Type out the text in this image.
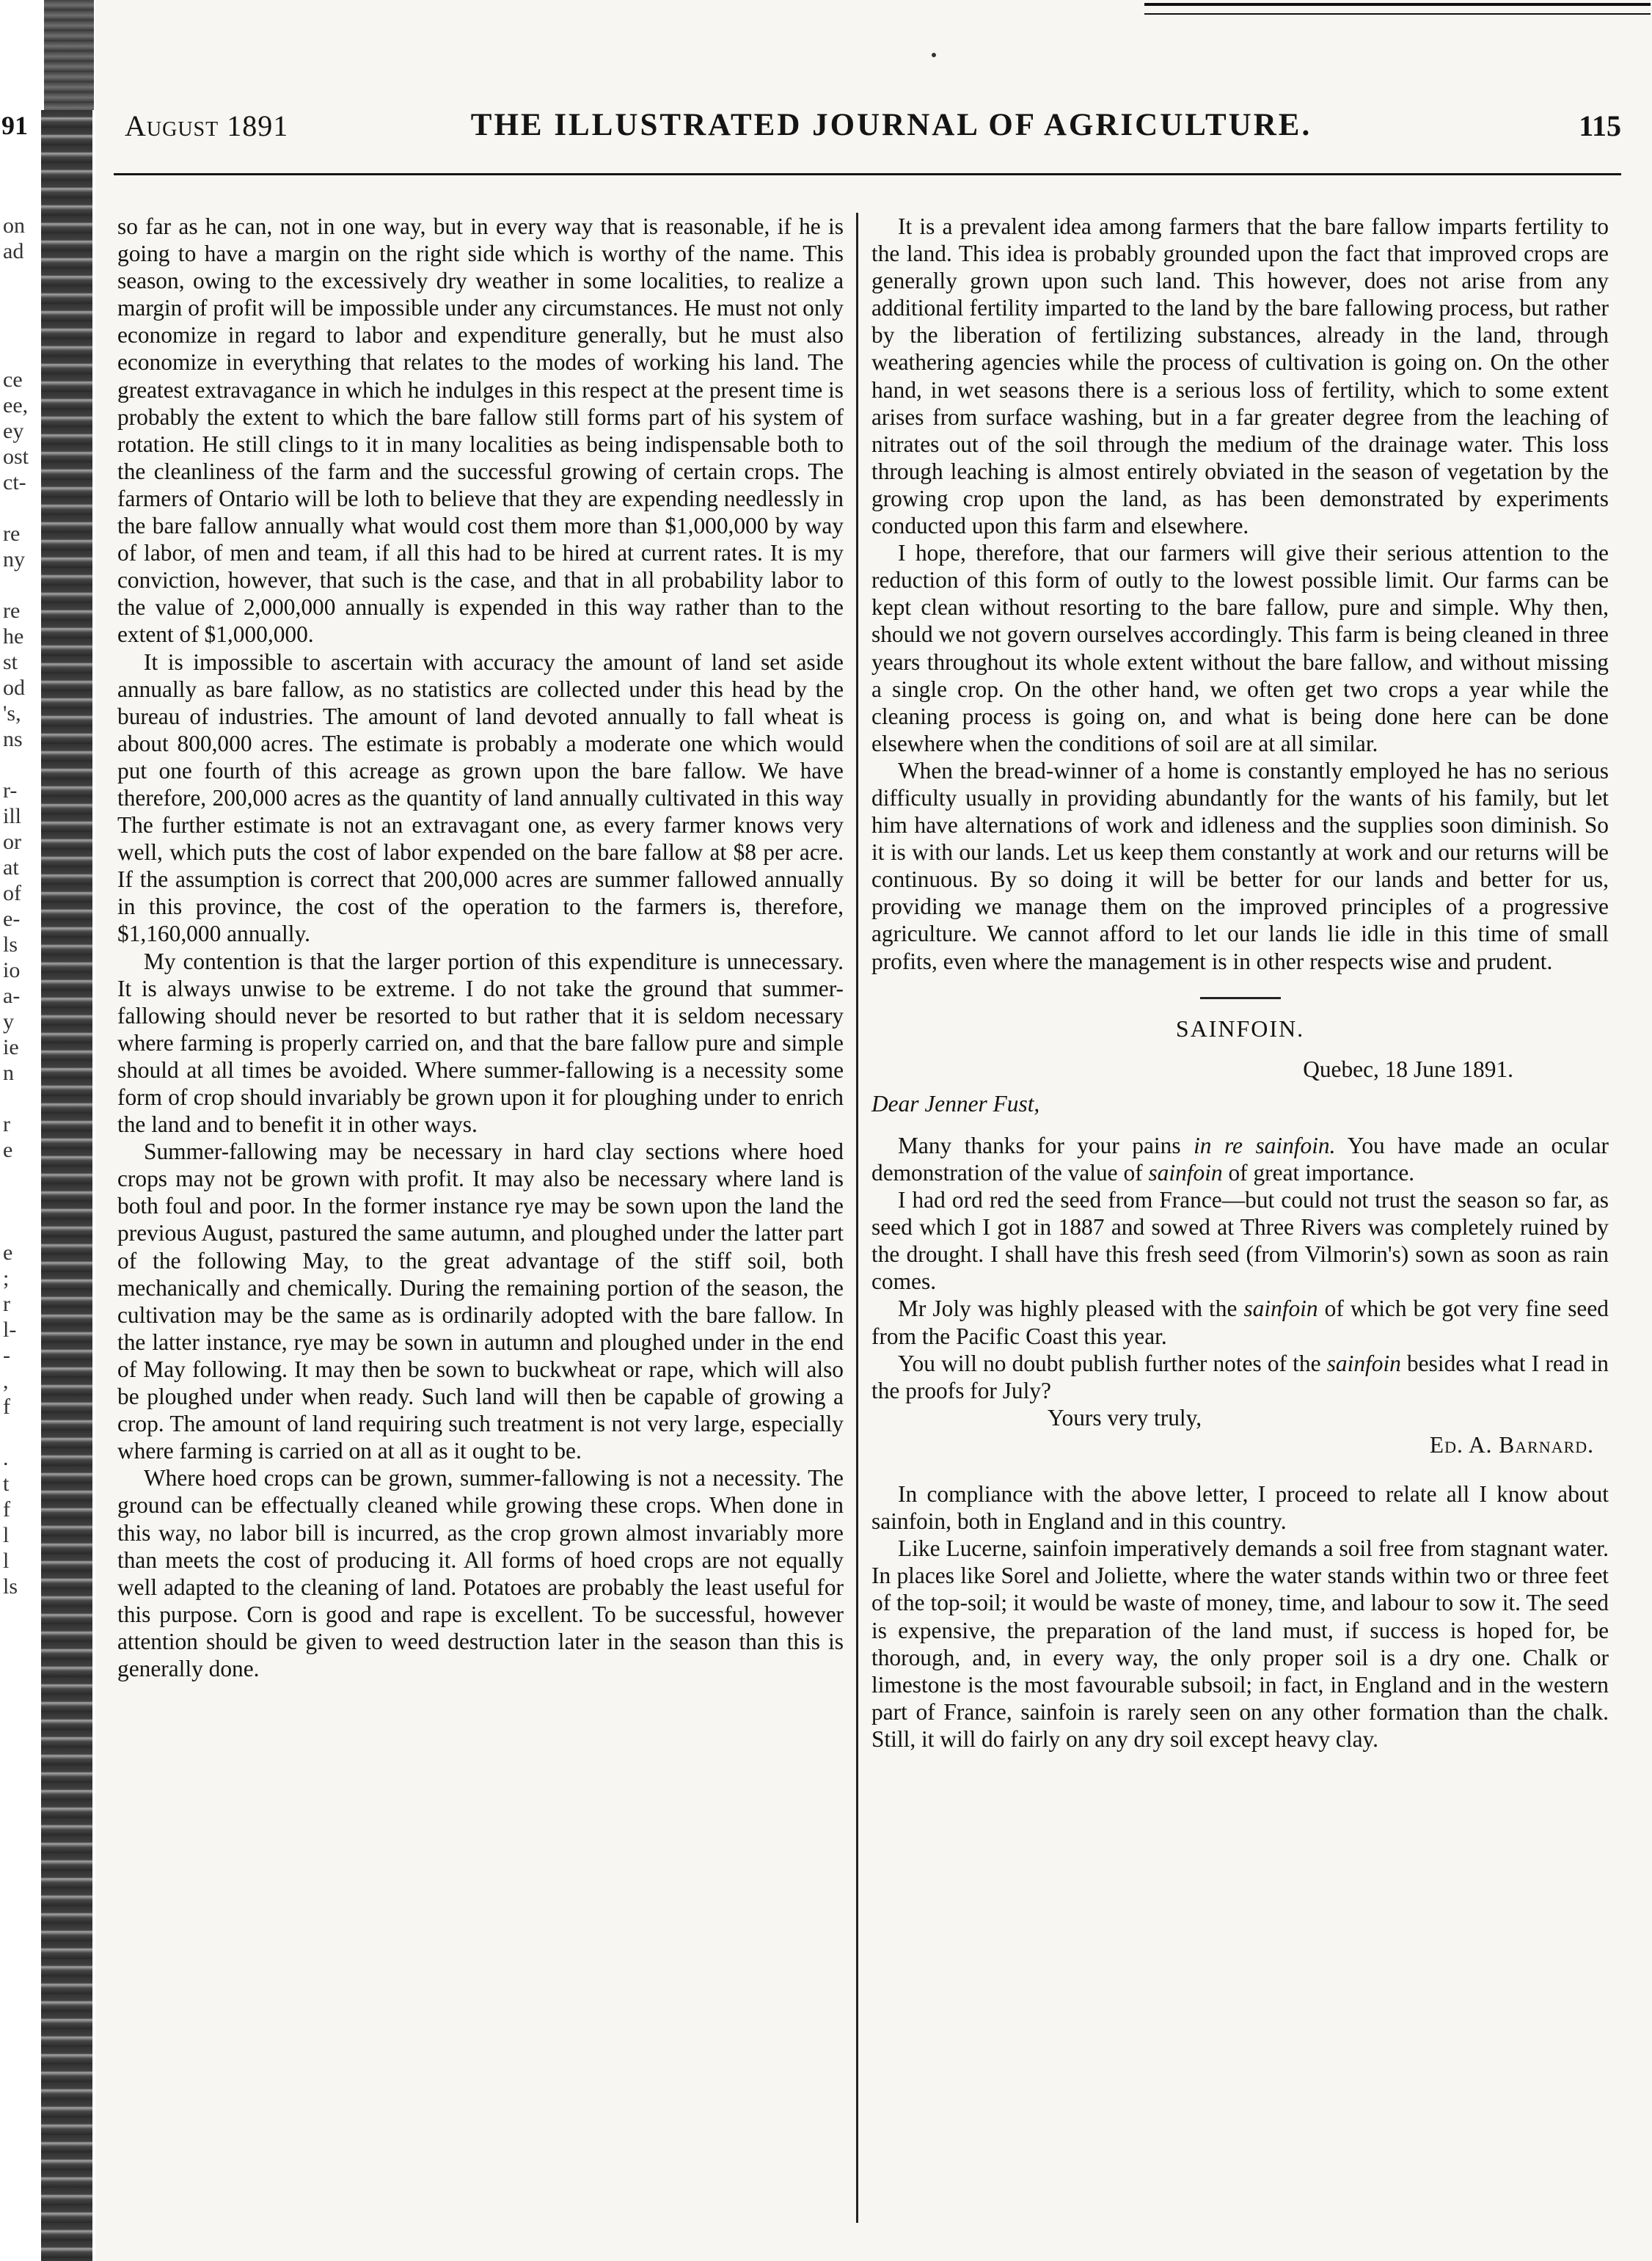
91
on
ad
ce
ee,
ey
ost
ct-
re
ny
re
he
st
od
's,
ns
r-
ill
or
at
of
e-
ls
io
a-
y
ie
n
r
e
e
;
r
l-
-
,
f
.
t
f
l
l
ls
August 1891	THE ILLUSTRATED JOURNAL OF AGRICULTURE.	115

so far as he can, not in one way, but in every way that is reasonable, if he is going to have a margin on the right side which is worthy of the name. This season, owing to the excessively dry weather in some localities, to realize a margin of profit will be impossible under any circumstances. He must not only economize in regard to labor and expenditure generally, but he must also economize in everything that relates to the modes of working his land. The greatest extravagance in which he indulges in this respect at the present time is probably the extent to which the bare fallow still forms part of his system of rotation. He still clings to it in many localities as being indispensable both to the cleanliness of the farm and the successful growing of certain crops. The farmers of Ontario will be loth to believe that they are expending needlessly in the bare fallow annually what would cost them more than $1,000,000 by way of labor, of men and team, if all this had to be hired at current rates. It is my conviction, however, that such is the case, and that in all probability labor to the value of 2,000,000 annually is expended in this way rather than to the extent of $1,000,000.

It is impossible to ascertain with accuracy the amount of land set aside annually as bare fallow, as no statistics are collected under this head by the bureau of industries. The amount of land devoted annually to fall wheat is about 800,000 acres. The estimate is probably a moderate one which would put one fourth of this acreage as grown upon the bare fallow. We have therefore, 200,000 acres as the quantity of land annually cultivated in this way The further estimate is not an extravagant one, as every farmer knows very well, which puts the cost of labor expended on the bare fallow at $8 per acre. If the assumption is correct that 200,000 acres are summer fallowed annually in this province, the cost of the operation to the farmers is, therefore, $1,160,000 annually.

My contention is that the larger portion of this expenditure is unnecessary. It is always unwise to be extreme. I do not take the ground that summer-fallowing should never be resorted to but rather that it is seldom necessary where farming is properly carried on, and that the bare fallow pure and simple should at all times be avoided. Where summer-fallowing is a necessity some form of crop should invariably be grown upon it for ploughing under to enrich the land and to benefit it in other ways.

Summer-fallowing may be necessary in hard clay sections where hoed crops may not be grown with profit. It may also be necessary where land is both foul and poor. In the former instance rye may be sown upon the land the previous August, pastured the same autumn, and ploughed under the latter part of the following May, to the great advantage of the stiff soil, both mechanically and chemically. During the remaining portion of the season, the cultivation may be the same as is ordinarily adopted with the bare fallow. In the latter instance, rye may be sown in autumn and ploughed under in the end of May following. It may then be sown to buckwheat or rape, which will also be ploughed under when ready. Such land will then be capable of growing a crop. The amount of land requiring such treatment is not very large, especially where farming is carried on at all as it ought to be.

Where hoed crops can be grown, summer-fallowing is not a necessity. The ground can be effectually cleaned while growing these crops. When done in this way, no labor bill is incurred, as the crop grown almost invariably more than meets the cost of producing it. All forms of hoed crops are not equally well adapted to the cleaning of land. Potatoes are probably the least useful for this purpose. Corn is good and rape is excellent. To be successful, however attention should be given to weed destruction later in the season than this is generally done.

It is a prevalent idea among farmers that the bare fallow imparts fertility to the land. This idea is probably grounded upon the fact that improved crops are generally grown upon such land. This however, does not arise from any additional fertility imparted to the land by the bare fallowing process, but rather by the liberation of fertilizing substances, already in the land, through weathering agencies while the process of cultivation is going on. On the other hand, in wet seasons there is a serious loss of fertility, which to some extent arises from surface washing, but in a far greater degree from the leaching of nitrates out of the soil through the medium of the drainage water. This loss through leaching is almost entirely obviated in the season of vegetation by the growing crop upon the land, as has been demonstrated by experiments conducted upon this farm and elsewhere.

I hope, therefore, that our farmers will give their serious attention to the reduction of this form of outly to the lowest possible limit. Our farms can be kept clean without resorting to the bare fallow, pure and simple. Why then, should we not govern ourselves accordingly. This farm is being cleaned in three years throughout its whole extent without the bare fallow, and without missing a single crop. On the other hand, we often get two crops a year while the cleaning process is going on, and what is being done here can be done elsewhere when the conditions of soil are at all similar.

When the bread-winner of a home is constantly employed he has no serious difficulty usually in providing abundantly for the wants of his family, but let him have alternations of work and idleness and the supplies soon diminish. So it is with our lands. Let us keep them constantly at work and our returns will be continuous. By so doing it will be better for our lands and better for us, providing we manage them on the improved principles of a progressive agriculture. We cannot afford to let our lands lie idle in this time of small profits, even where the management is in other respects wise and prudent.

SAINFOIN.
Quebec, 18 June 1891.
Dear Jenner Fust,

Many thanks for your pains in re sainfoin. You have made an ocular demonstration of the value of sainfoin of great importance.

I had ord red the seed from France—but could not trust the season so far, as seed which I got in 1887 and sowed at Three Rivers was completely ruined by the drought. I shall have this fresh seed (from Vilmorin's) sown as soon as rain comes.

Mr Joly was highly pleased with the sainfoin of which be got very fine seed from the Pacific Coast this year.

You will no doubt publish further notes of the sainfoin besides what I read in the proofs for July?

Yours very truly,
Ed. A. Barnard.

In compliance with the above letter, I proceed to relate all I know about sainfoin, both in England and in this country.

Like Lucerne, sainfoin imperatively demands a soil free from stagnant water. In places like Sorel and Joliette, where the water stands within two or three feet of the top-soil; it would be waste of money, time, and labour to sow it. The seed is expensive, the preparation of the land must, if success is hoped for, be thorough, and, in every way, the only proper soil is a dry one. Chalk or limestone is the most favourable subsoil; in fact, in England and in the western part of France, sainfoin is rarely seen on any other formation than the chalk. Still, it will do fairly on any dry soil except heavy clay.
